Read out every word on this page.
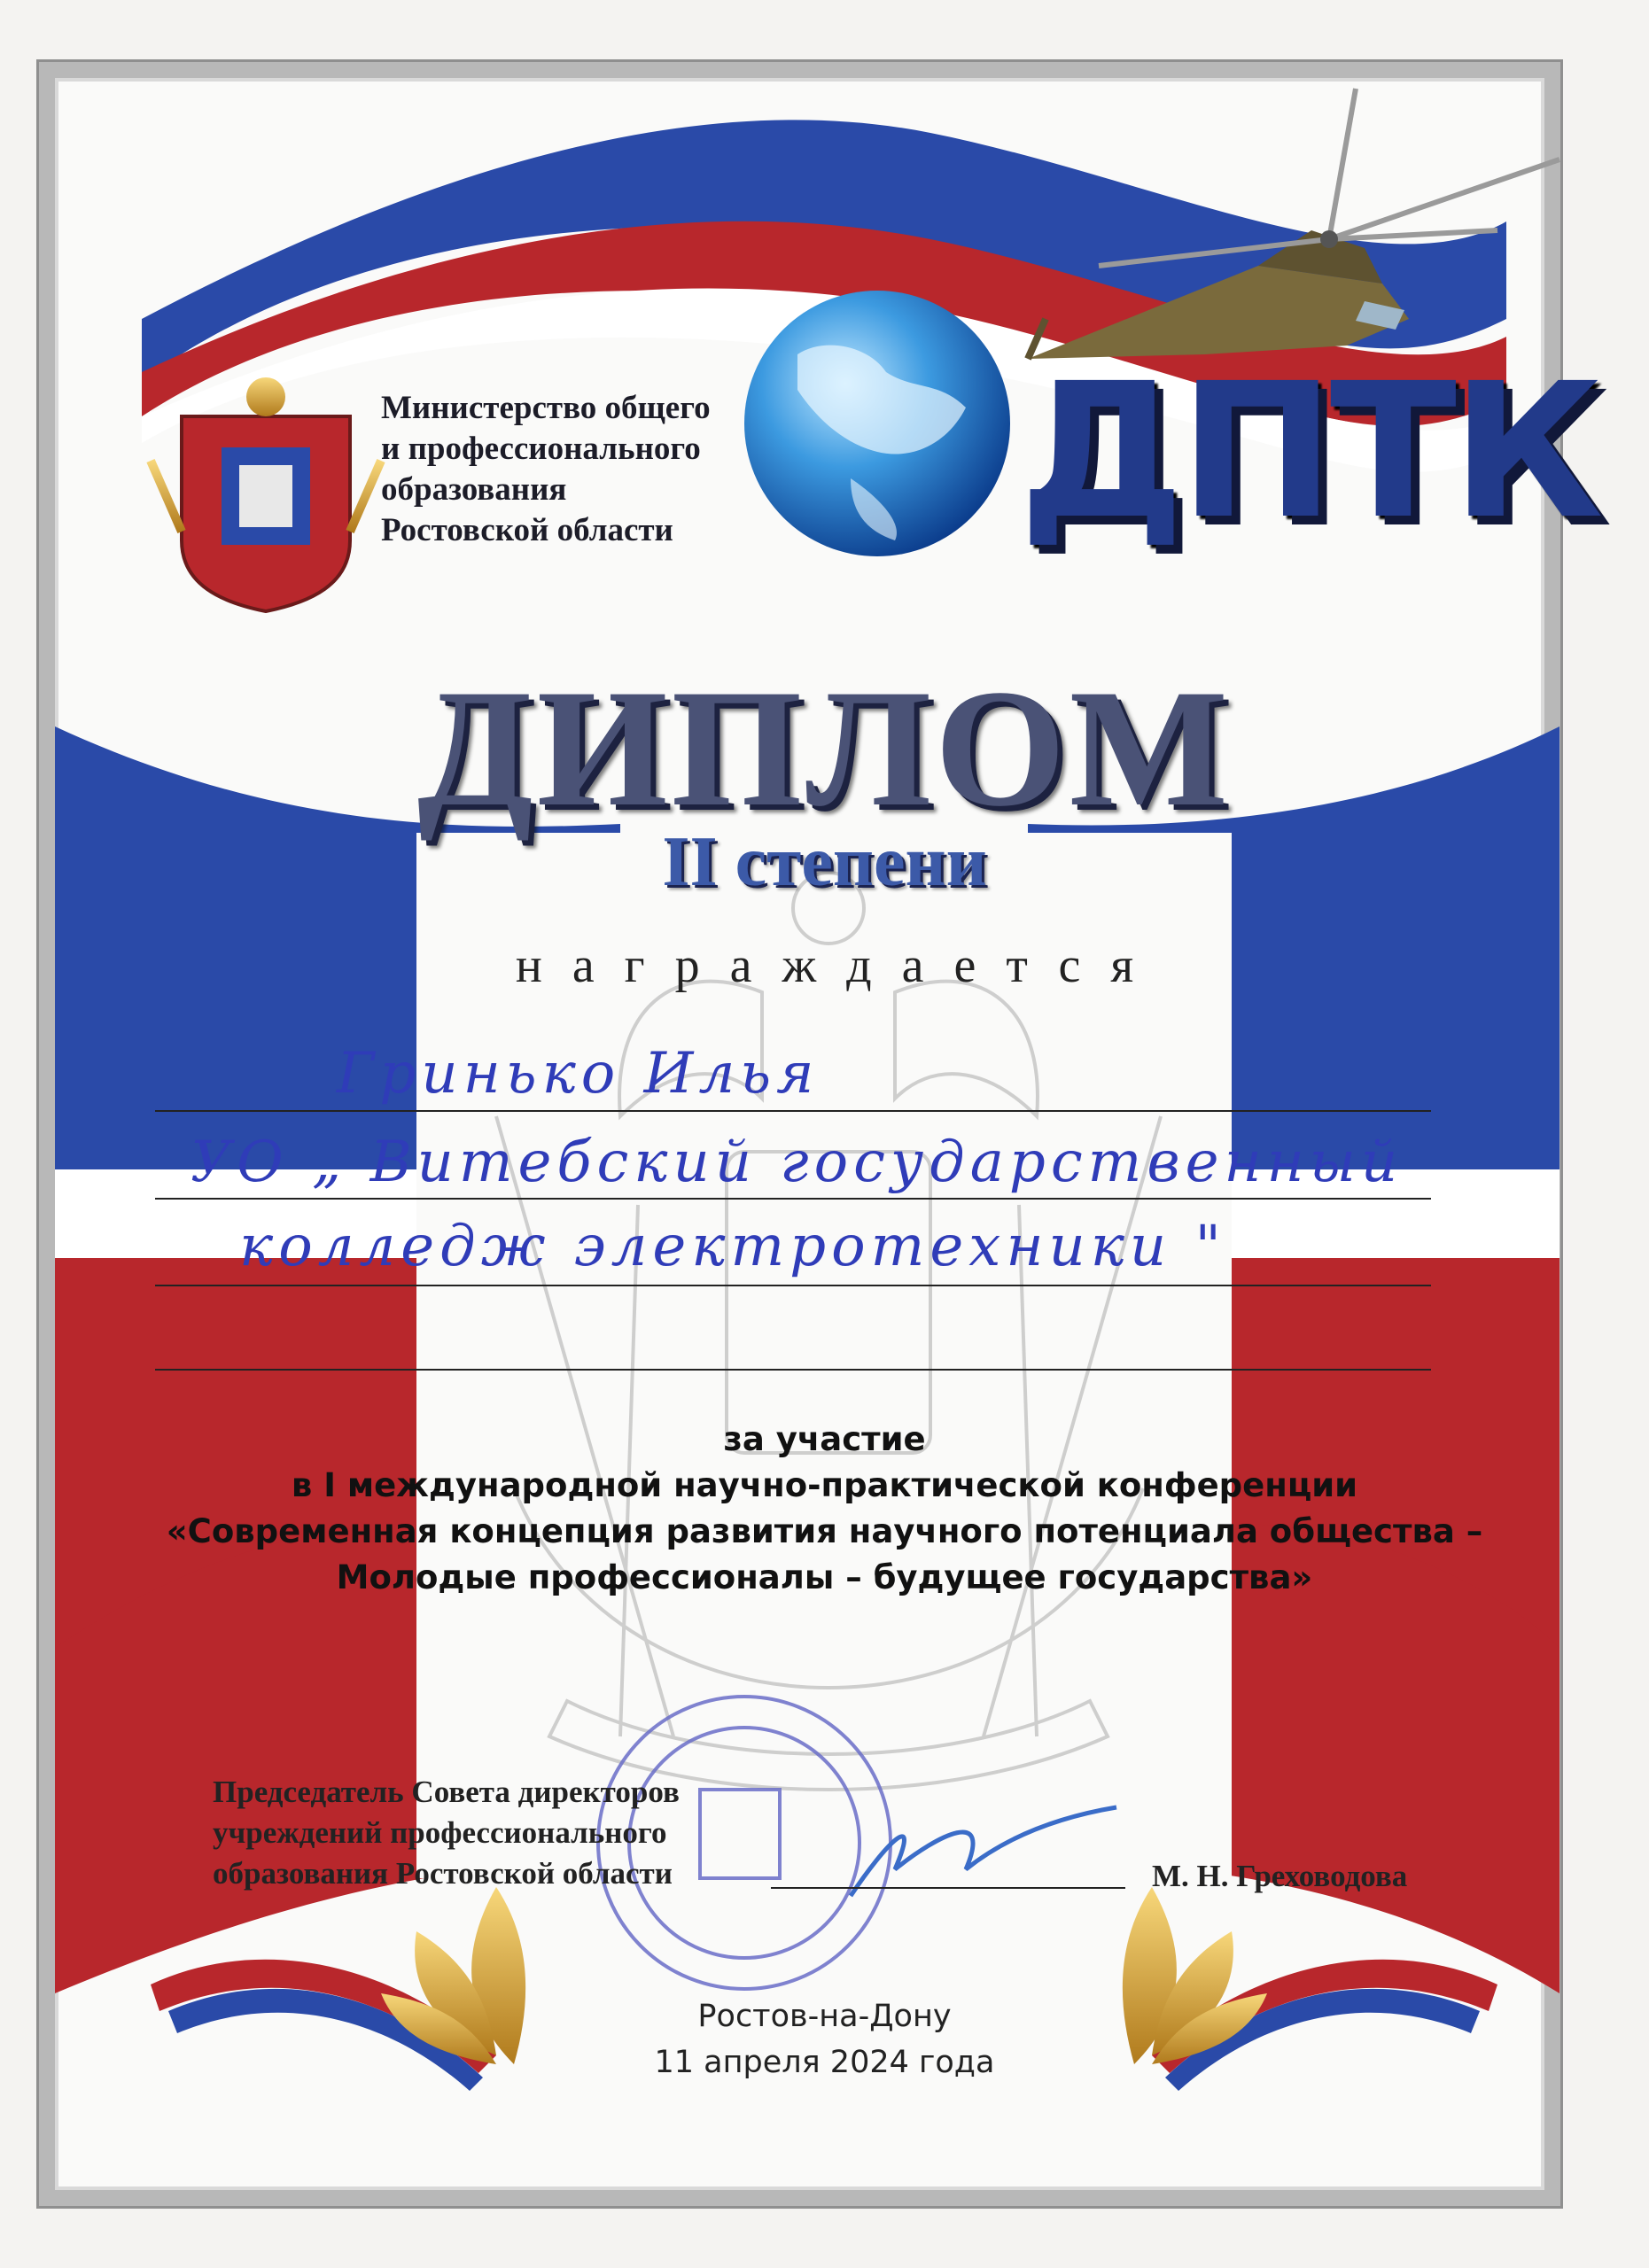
Министерство общего
и профессионального
образования
Ростовской области	ДПТК
ДИПЛОМ
II степени
награждается
Гринько Илья
УО „ Витебский государственный
колледж электротехники "
за участие
в I международной научно-практической конференции
«Современная концепция развития научного потенциала общества –
Молодые профессионалы – будущее государства»
Председатель Совета директоров
учреждений профессионального
образования Ростовской области	М. Н. Греховодова
Ростов-на-Дону
11 апреля 2024 года
